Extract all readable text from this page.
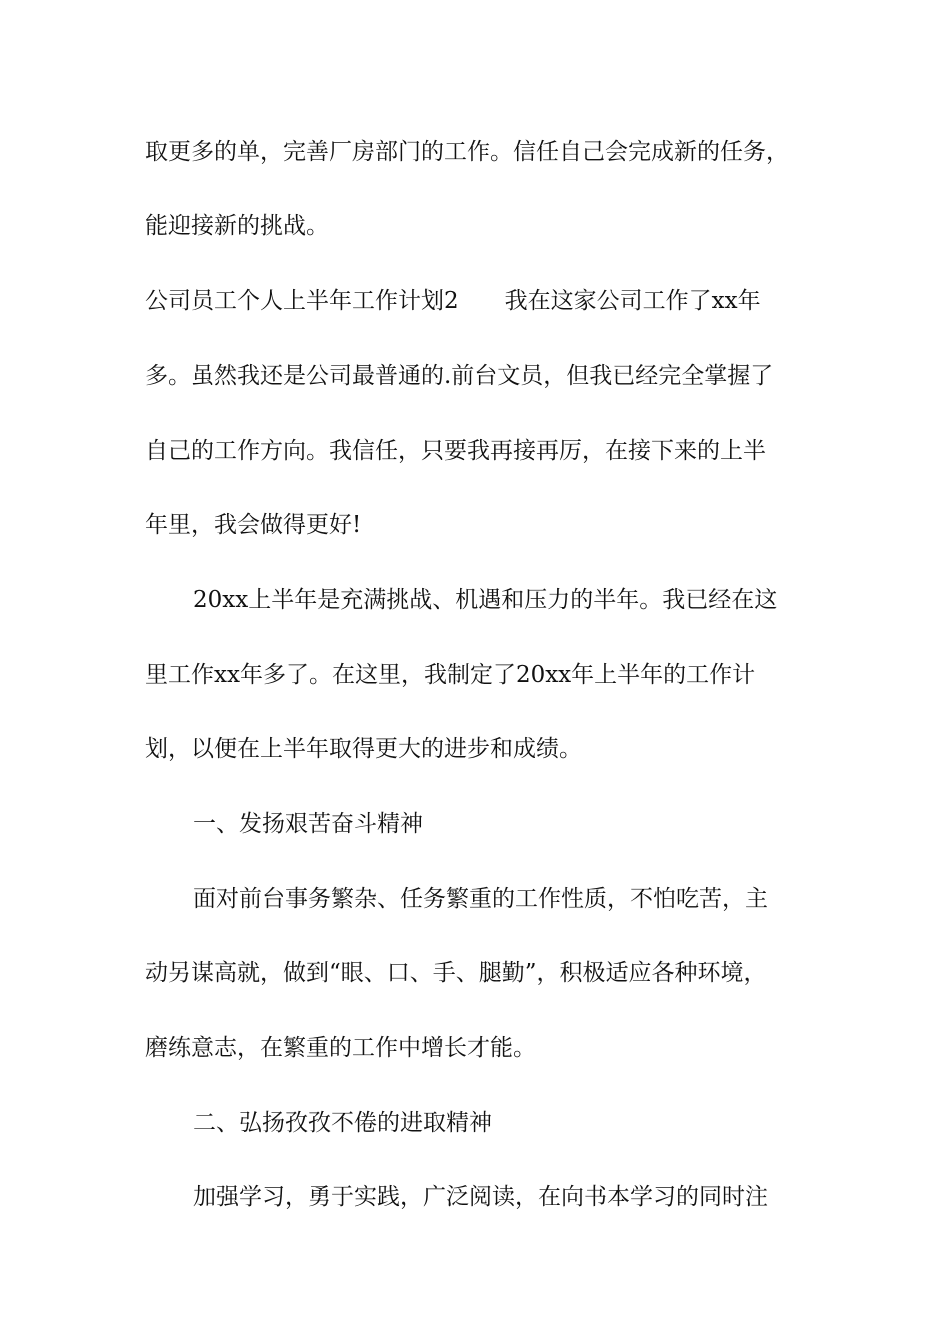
取更多的单，完善厂房部门的工作。信任自己会完成新的任务，
能迎接新的挑战。
公司员工个人上半年工作计划2　　我在这家公司工作了xx年
多。虽然我还是公司最普通的.前台文员，但我已经完全掌握了
自己的工作方向。我信任，只要我再接再厉，在接下来的上半
年里，我会做得更好!
20xx上半年是充满挑战、机遇和压力的半年。我已经在这
里工作xx年多了。在这里，我制定了20xx年上半年的工作计
划，以便在上半年取得更大的进步和成绩。
一、发扬艰苦奋斗精神
面对前台事务繁杂、任务繁重的工作性质，不怕吃苦，主
动另谋高就，做到“眼、口、手、腿勤”，积极适应各种环境，
磨练意志，在繁重的工作中增长才能。
二、弘扬孜孜不倦的进取精神
加强学习，勇于实践，广泛阅读，在向书本学习的同时注
